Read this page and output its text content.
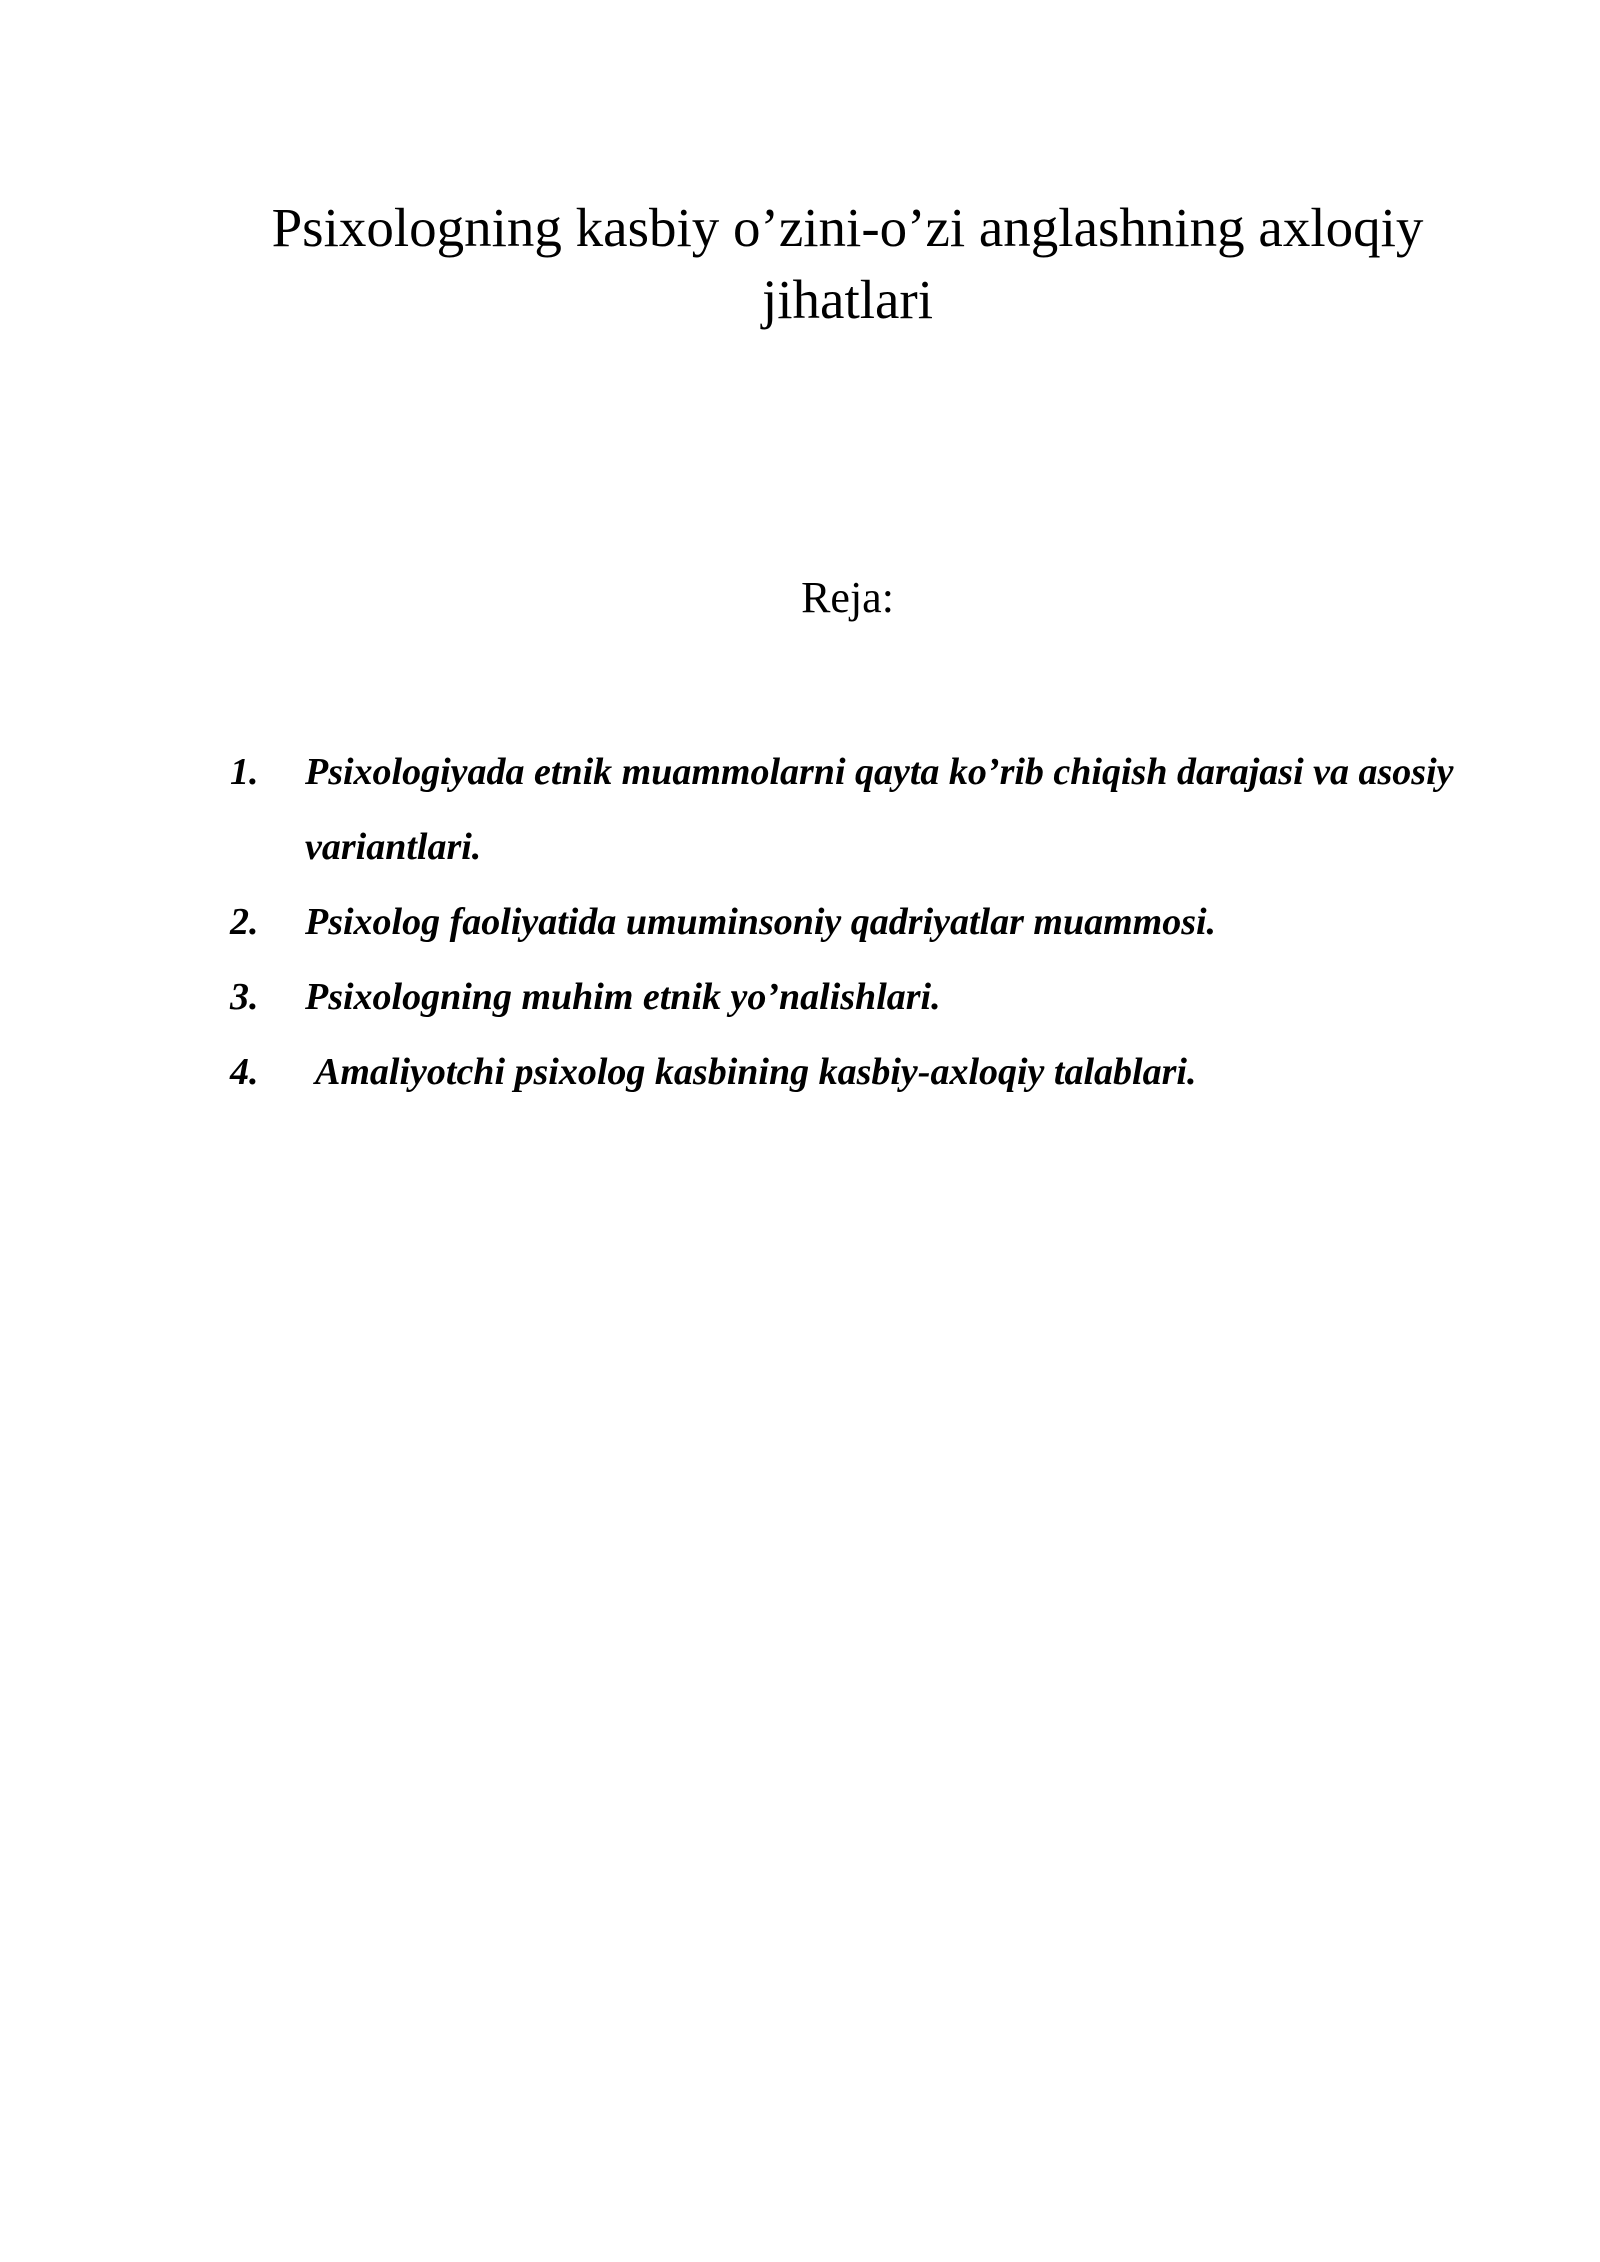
Psixologning kasbiy o’zini-o’zi anglashning axloqiy
jihatlari
Reja:
1. Psixologiyada etnik muammolarni qayta ko’rib chiqish darajasi va asosiy variantlari.
2. Psixolog faoliyatida umuminsoniy qadriyatlar muammosi.
3. Psixologning muhim etnik yo’nalishlari.
4. Amaliyotchi psixolog kasbining kasbiy-axloqiy talablari.
